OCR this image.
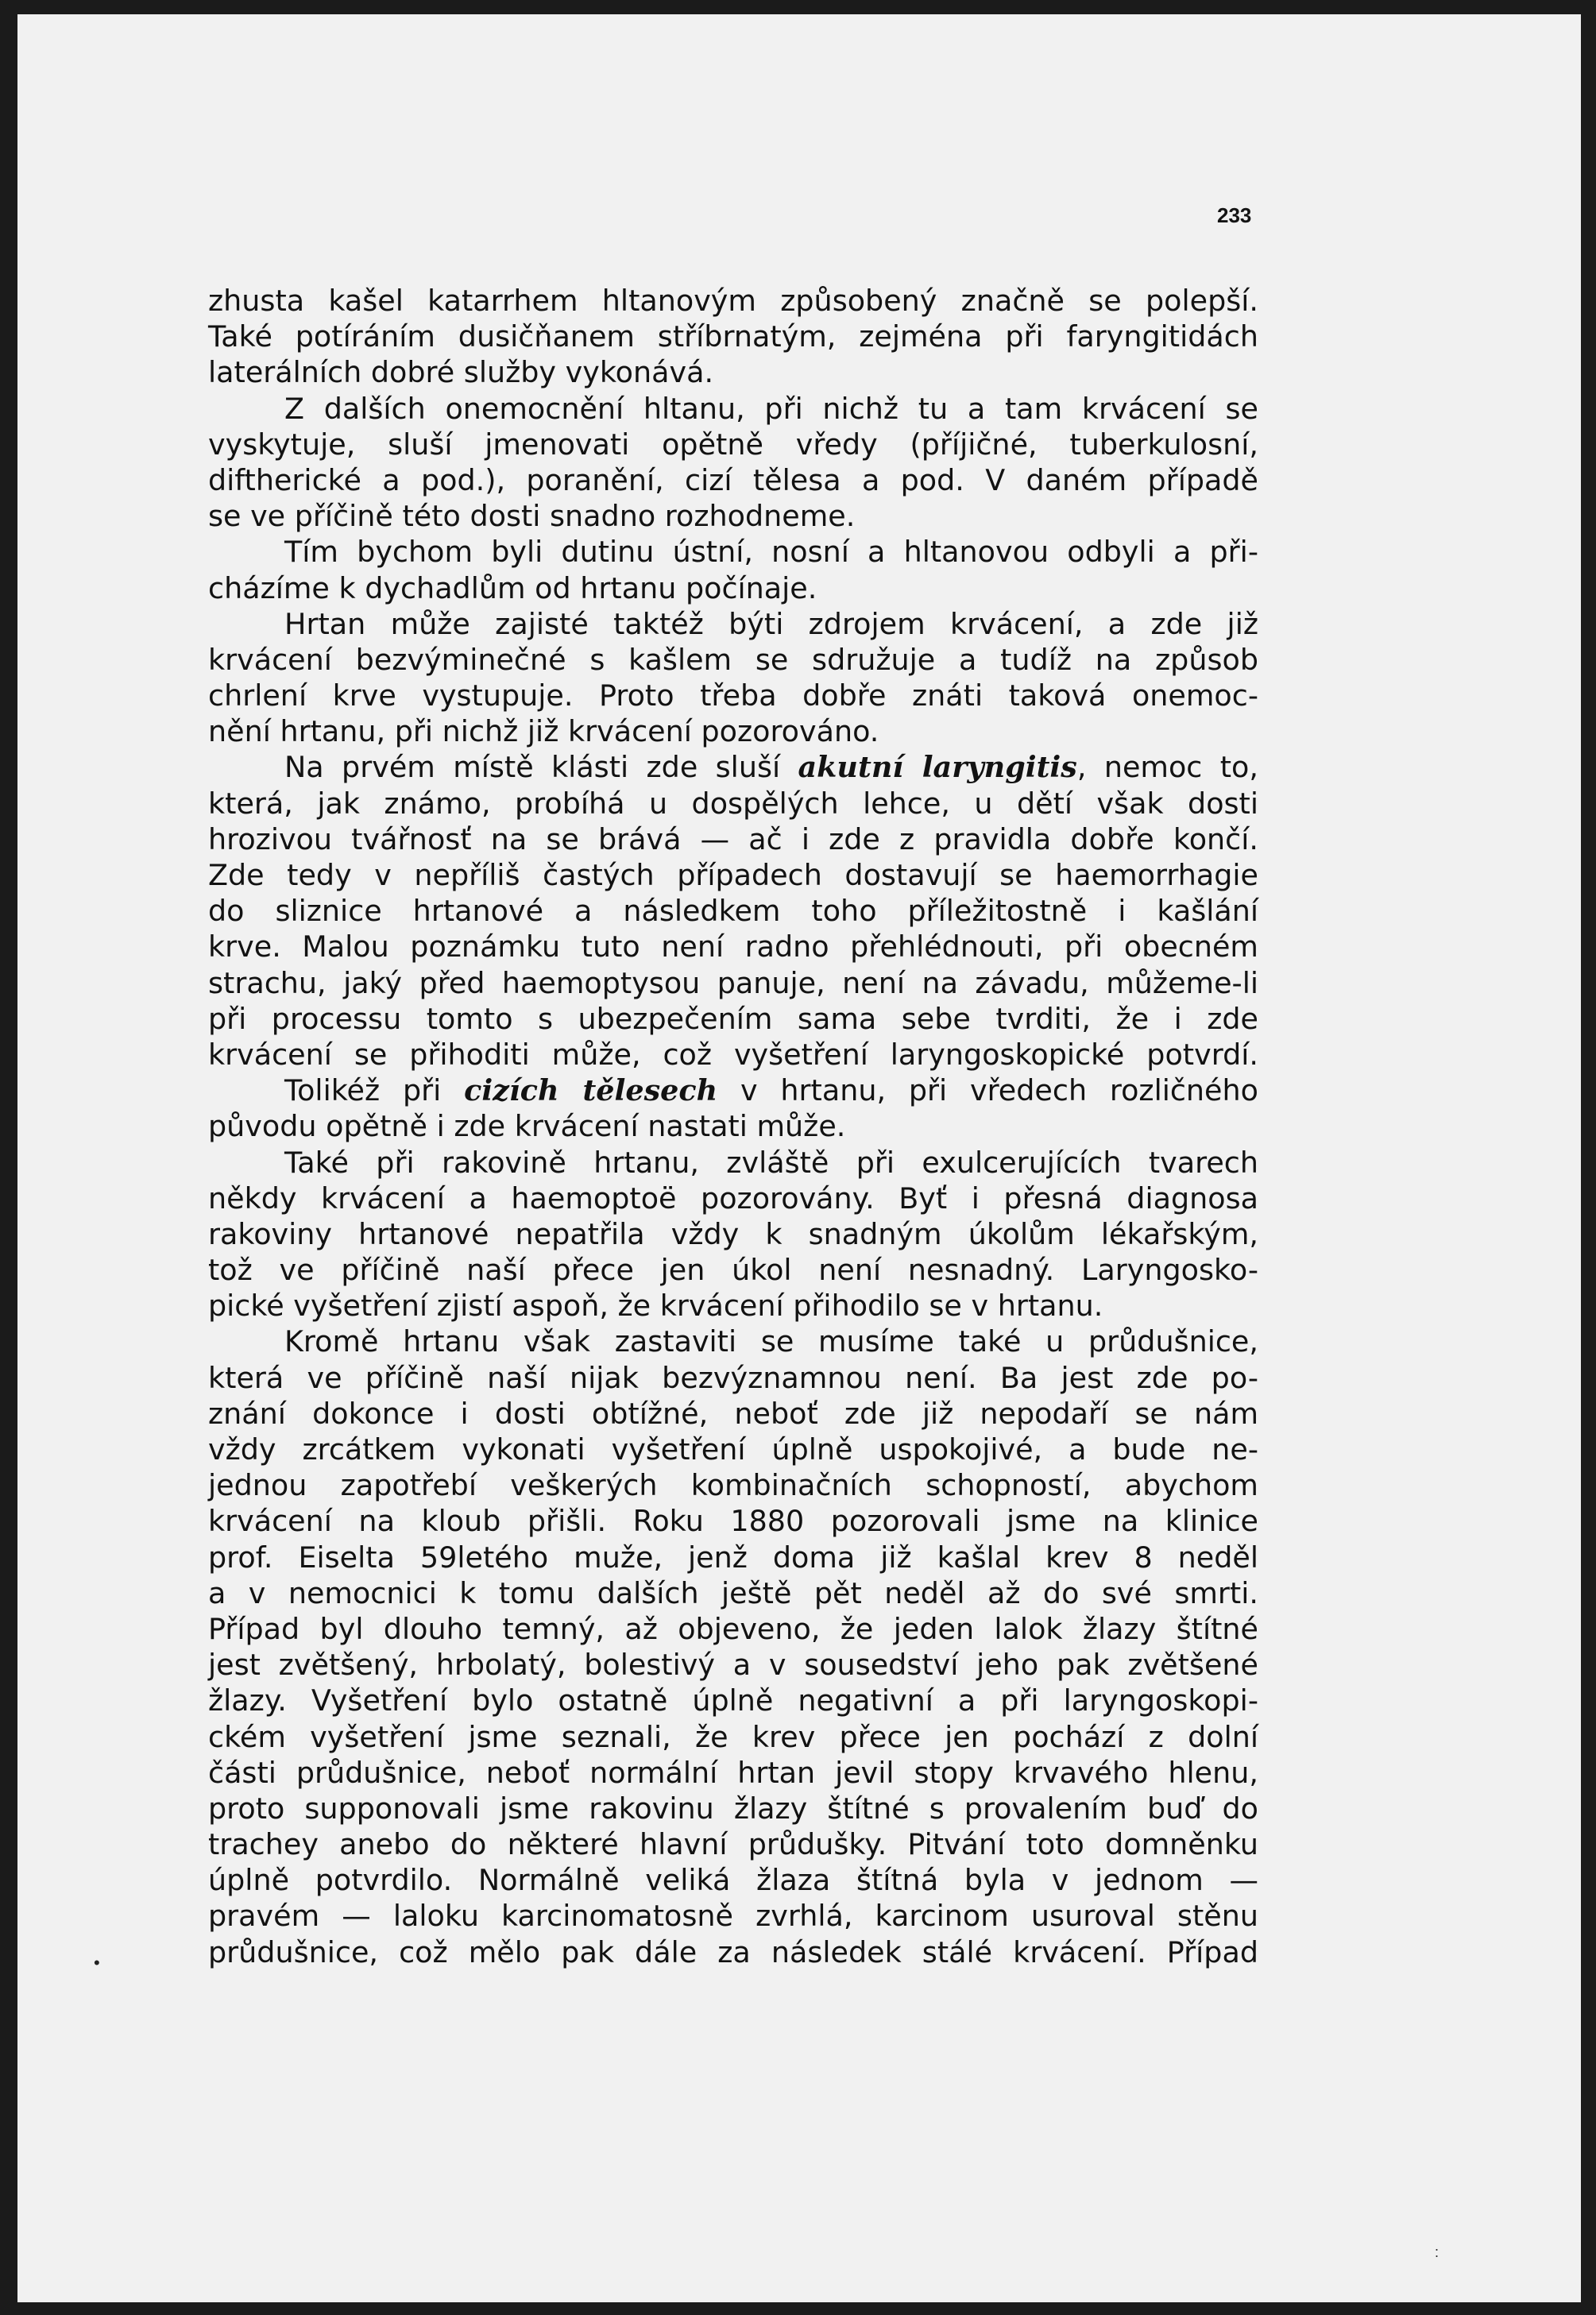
233
zhusta kašel katarrhem hltanovým způsobený značně se polepší.
Také potíráním dusičňanem stříbrnatým, zejména při faryngitidách
laterálních dobré služby vykonává.
Z dalších onemocnění hltanu, při nichž tu a tam krvácení se
vyskytuje, sluší jmenovati opětně vředy (příjičné, tuberkulosní,
diftherické a pod.), poranění, cizí tělesa a pod. V daném případě
se ve příčině této dosti snadno rozhodneme.
Tím bychom byli dutinu ústní, nosní a hltanovou odbyli a při-
cházíme k dychadlům od hrtanu počínaje.
Hrtan může zajisté taktéž býti zdrojem krvácení, a zde již
krvácení bezvýminečné s kašlem se sdružuje a tudíž na způsob
chrlení krve vystupuje. Proto třeba dobře znáti taková onemoc-
nění hrtanu, při nichž již krvácení pozorováno.
Na prvém místě klásti zde sluší akutní laryngitis, nemoc to,
která, jak známo, probíhá u dospělých lehce, u dětí však dosti
hrozivou tvářnosť na se brává — ač i zde z pravidla dobře končí.
Zde tedy v nepříliš častých případech dostavují se haemorrhagie
do sliznice hrtanové a následkem toho příležitostně i kašlání
krve. Malou poznámku tuto není radno přehlédnouti, při obecném
strachu, jaký před haemoptysou panuje, není na závadu, můžeme-li
při processu tomto s ubezpečením sama sebe tvrditi, že i zde
krvácení se přihoditi může, což vyšetření laryngoskopické potvrdí.
Tolikéž při cizích tělesech v hrtanu, při vředech rozličného
původu opětně i zde krvácení nastati může.
Také při rakovině hrtanu, zvláště při exulcerujících tvarech
někdy krvácení a haemoptoë pozorovány. Byť i přesná diagnosa
rakoviny hrtanové nepatřila vždy k snadným úkolům lékařským,
tož ve příčině naší přece jen úkol není nesnadný. Laryngosko-
pické vyšetření zjistí aspoň, že krvácení přihodilo se v hrtanu.
Kromě hrtanu však zastaviti se musíme také u průdušnice,
která ve příčině naší nijak bezvýznamnou není. Ba jest zde po-
znání dokonce i dosti obtížné, neboť zde již nepodaří se nám
vždy zrcátkem vykonati vyšetření úplně uspokojivé, a bude ne-
jednou zapotřebí veškerých kombinačních schopností, abychom
krvácení na kloub přišli. Roku 1880 pozorovali jsme na klinice
prof. Eiselta 59letého muže, jenž doma již kašlal krev 8 neděl
a v nemocnici k tomu dalších ještě pět neděl až do své smrti.
Případ byl dlouho temný, až objeveno, že jeden lalok žlazy štítné
jest zvětšený, hrbolatý, bolestivý a v sousedství jeho pak zvětšené
žlazy. Vyšetření bylo ostatně úplně negativní a při laryngoskopi-
ckém vyšetření jsme seznali, že krev přece jen pochází z dolní
části průdušnice, neboť normální hrtan jevil stopy krvavého hlenu,
proto supponovali jsme rakovinu žlazy štítné s provalením buď do
trachey anebo do některé hlavní průdušky. Pitvání toto domněnku
úplně potvrdilo. Normálně veliká žlaza štítná byla v jednom —
pravém — laloku karcinomatosně zvrhlá, karcinom usuroval stěnu
průdušnice, což mělo pak dále za následek stálé krvácení. Případ
•
:
